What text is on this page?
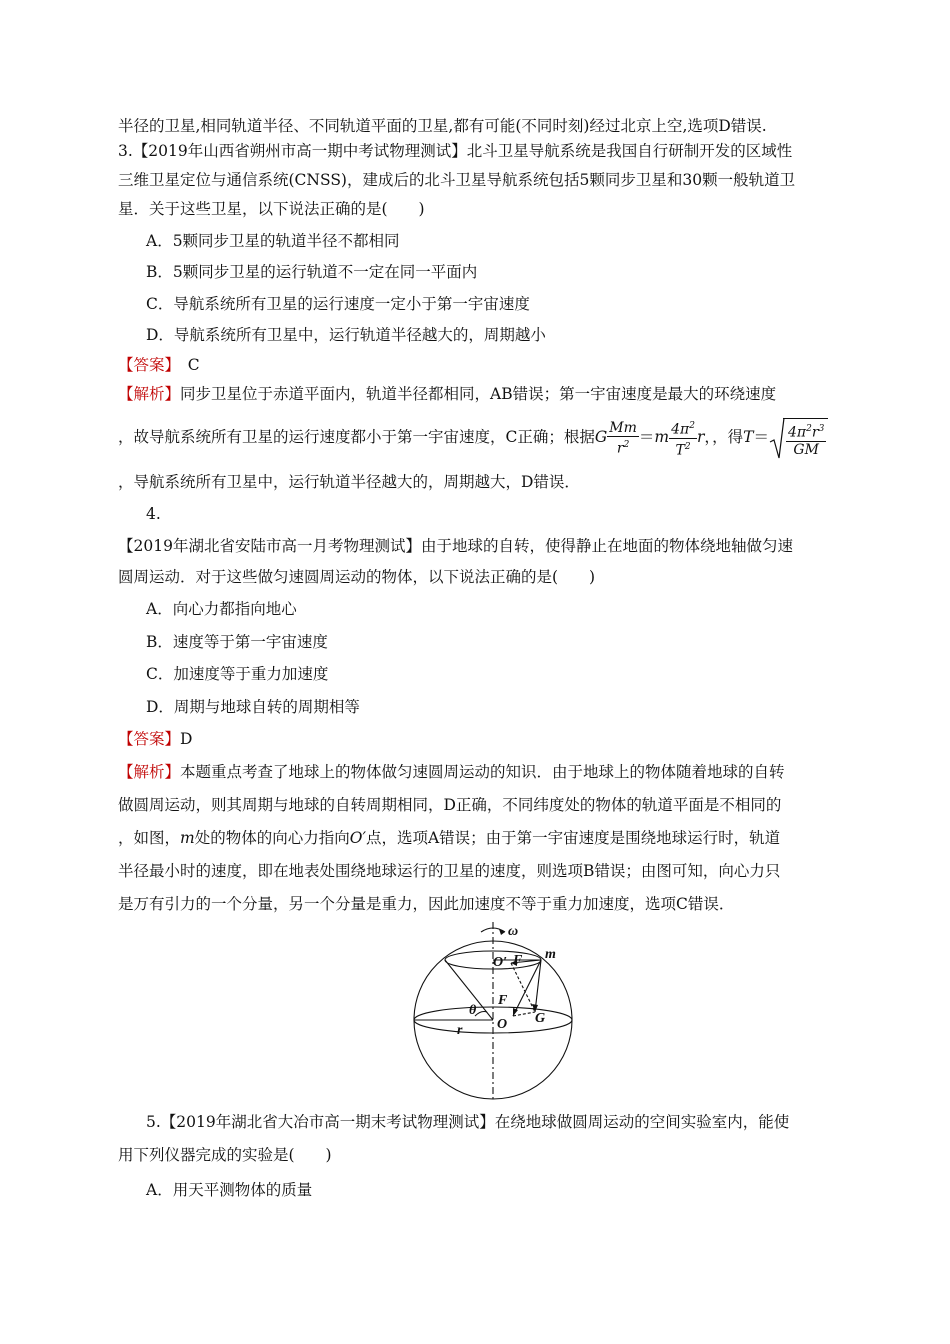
半径的卫星,相同轨道半径、不同轨道平面的卫星,都有可能(不同时刻)经过北京上空,选项D错误.
3.【2019年山西省朔州市高一期中考试物理测试】北斗卫星导航系统是我国自行研制开发的区域性
三维卫星定位与通信系统(CNSS)，建成后的北斗卫星导航系统包括5颗同步卫星和30颗一般轨道卫
星．关于这些卫星，以下说法正确的是(　　)
A．5颗同步卫星的轨道半径不都相同
B．5颗同步卫星的运行轨道不一定在同一平面内
C．导航系统所有卫星的运行速度一定小于第一宇宙速度
D．导航系统所有卫星中，运行轨道半径越大的，周期越小
【答案】　C
【解析】同步卫星位于赤道平面内，轨道半径都相同，AB错误；第一宇宙速度是最大的环绕速度
，故导航系统所有卫星的运行速度都小于第一宇宙速度，C正确；根据G $\frac{Mm}{r^2} =m \frac{4\pi^2}{T^2}$ r，，得$T= \frac{4\pi^2r^3}{GM}$
，导航系统所有卫星中，运行轨道半径越大的，周期越大，D错误．
4.
【2019年湖北省安陆市高一月考物理测试】由于地球的自转，使得静止在地面的物体绕地轴做匀速
圆周运动．对于这些做匀速圆周运动的物体，以下说法正确的是(　　)
A．向心力都指向地心
B．速度等于第一宇宙速度
C．加速度等于重力加速度
D．周期与地球自转的周期相等
【答案】D
【解析】本题重点考查了地球上的物体做匀速圆周运动的知识．由于地球上的物体随着地球的自转
做圆周运动，则其周期与地球的自转周期相同，D正确，不同纬度处的物体的轨道平面是不相同的
，如图，m处的物体的向心力指向O′点，选项A错误；由于第一宇宙速度是围绕地球运行时，轨道
半径最小时的速度，即在地表处围绕地球运行的卫星的速度，则选项B错误；由图可知，向心力只
是万有引力的一个分量，另一个分量是重力，因此加速度不等于重力加速度，选项C错误．
ω
O′ F m
F
G
θ
r O
5.【2019年湖北省大冶市高一期末考试物理测试】在绕地球做圆周运动的空间实验室内，能使
用下列仪器完成的实验是(　　)
A．用天平测物体的质量
